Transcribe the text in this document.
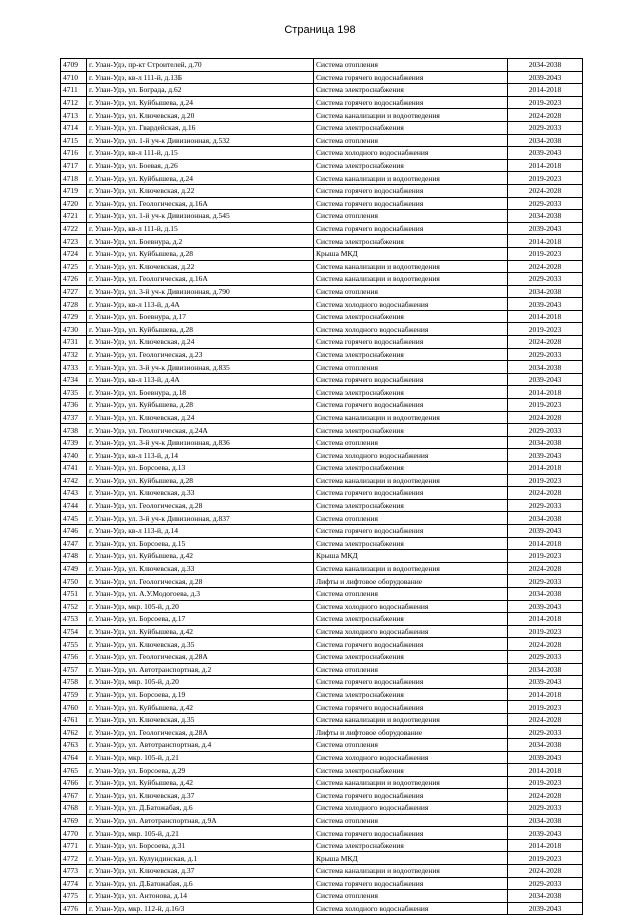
Страница 198
4709	г. Улан-Удэ, пр-кт Строителей, д.70	Система отопления	2034-2038
4710	г. Улан-Удэ, кв-л 111-й, д.13Б	Система горячего водоснабжения	2039-2043
4711	г. Улан-Удэ, ул. Бограда, д.62	Система электроснабжения	2014-2018
4712	г. Улан-Удэ, ул. Куйбышева, д.24	Система горячего водоснабжения	2019-2023
4713	г. Улан-Удэ, ул. Ключевская, д.20	Система канализации и водоотведения	2024-2028
4714	г. Улан-Удэ, ул. Гвардейская, д.16	Система электроснабжения	2029-2033
4715	г. Улан-Удэ, ул. 1-й уч-к Дивизионная, д.532	Система отопления	2034-2038
4716	г. Улан-Удэ, кв-л 111-й, д.15	Система холодного водоснабжения	2039-2043
4717	г. Улан-Удэ, ул. Боевая, д.26	Система электроснабжения	2014-2018
4718	г. Улан-Удэ, ул. Куйбышева, д.24	Система канализации и водоотведения	2019-2023
4719	г. Улан-Удэ, ул. Ключевская, д.22	Система горячего водоснабжения	2024-2028
4720	г. Улан-Удэ, ул. Геологическая, д.16А	Система горячего водоснабжения	2029-2033
4721	г. Улан-Удэ, ул. 1-й уч-к Дивизионная, д.545	Система отопления	2034-2038
4722	г. Улан-Удэ, кв-л 111-й, д.15	Система горячего водоснабжения	2039-2043
4723	г. Улан-Удэ, ул. Боевнура, д.2	Система электроснабжения	2014-2018
4724	г. Улан-Удэ, ул. Куйбышева, д.28	Крыша МКД	2019-2023
4725	г. Улан-Удэ, ул. Ключевская, д.22	Система канализации и водоотведения	2024-2028
4726	г. Улан-Удэ, ул. Геологическая, д.16А	Система канализации и водоотведения	2029-2033
4727	г. Улан-Удэ, ул. 3-й уч-к Дивизионная, д.790	Система отопления	2034-2038
4728	г. Улан-Удэ, кв-л 113-й, д.4А	Система холодного водоснабжения	2039-2043
4729	г. Улан-Удэ, ул. Боевнура, д.17	Система электроснабжения	2014-2018
4730	г. Улан-Удэ, ул. Куйбышева, д.28	Система холодного водоснабжения	2019-2023
4731	г. Улан-Удэ, ул. Ключевская, д.24	Система горячего водоснабжения	2024-2028
4732	г. Улан-Удэ, ул. Геологическая, д.23	Система электроснабжения	2029-2033
4733	г. Улан-Удэ, ул. 3-й уч-к Дивизионная, д.835	Система отопления	2034-2038
4734	г. Улан-Удэ, кв-л 113-й, д.4А	Система горячего водоснабжения	2039-2043
4735	г. Улан-Удэ, ул. Боевнура, д.18	Система электроснабжения	2014-2018
4736	г. Улан-Удэ, ул. Куйбышева, д.28	Система горячего водоснабжения	2019-2023
4737	г. Улан-Удэ, ул. Ключевская, д.24	Система канализации и водоотведения	2024-2028
4738	г. Улан-Удэ, ул. Геологическая, д.24А	Система электроснабжения	2029-2033
4739	г. Улан-Удэ, ул. 3-й уч-к Дивизионная, д.836	Система отопления	2034-2038
4740	г. Улан-Удэ, кв-л 113-й, д.14	Система холодного водоснабжения	2039-2043
4741	г. Улан-Удэ, ул. Борсоева, д.13	Система электроснабжения	2014-2018
4742	г. Улан-Удэ, ул. Куйбышева, д.28	Система канализации и водоотведения	2019-2023
4743	г. Улан-Удэ, ул. Ключевская, д.33	Система горячего водоснабжения	2024-2028
4744	г. Улан-Удэ, ул. Геологическая, д.28	Система электроснабжения	2029-2033
4745	г. Улан-Удэ, ул. 3-й уч-к Дивизионная, д.837	Система отопления	2034-2038
4746	г. Улан-Удэ, кв-л 113-й, д.14	Система горячего водоснабжения	2039-2043
4747	г. Улан-Удэ, ул. Борсоева, д.15	Система электроснабжения	2014-2018
4748	г. Улан-Удэ, ул. Куйбышева, д.42	Крыша МКД	2019-2023
4749	г. Улан-Удэ, ул. Ключевская, д.33	Система канализации и водоотведения	2024-2028
4750	г. Улан-Удэ, ул. Геологическая, д.28	Лифты и лифтовое оборудование	2029-2033
4751	г. Улан-Удэ, ул. А.У.Модогоева, д.3	Система отопления	2034-2038
4752	г. Улан-Удэ, мкр. 105-й, д.20	Система холодного водоснабжения	2039-2043
4753	г. Улан-Удэ, ул. Борсоева, д.17	Система электроснабжения	2014-2018
4754	г. Улан-Удэ, ул. Куйбышева, д.42	Система холодного водоснабжения	2019-2023
4755	г. Улан-Удэ, ул. Ключевская, д.35	Система горячего водоснабжения	2024-2028
4756	г. Улан-Удэ, ул. Геологическая, д.28А	Система электроснабжения	2029-2033
4757	г. Улан-Удэ, ул. Автотранспортная, д.2	Система отопления	2034-2038
4758	г. Улан-Удэ, мкр. 105-й, д.20	Система горячего водоснабжения	2039-2043
4759	г. Улан-Удэ, ул. Борсоева, д.19	Система электроснабжения	2014-2018
4760	г. Улан-Удэ, ул. Куйбышева, д.42	Система горячего водоснабжения	2019-2023
4761	г. Улан-Удэ, ул. Ключевская, д.35	Система канализации и водоотведения	2024-2028
4762	г. Улан-Удэ, ул. Геологическая, д.28А	Лифты и лифтовое оборудование	2029-2033
4763	г. Улан-Удэ, ул. Автотранспортная, д.4	Система отопления	2034-2038
4764	г. Улан-Удэ, мкр. 105-й, д.21	Система холодного водоснабжения	2039-2043
4765	г. Улан-Удэ, ул. Борсоева, д.29	Система электроснабжения	2014-2018
4766	г. Улан-Удэ, ул. Куйбышева, д.42	Система канализации и водоотведения	2019-2023
4767	г. Улан-Удэ, ул. Ключевская, д.37	Система горячего водоснабжения	2024-2028
4768	г. Улан-Удэ, ул. Д.Батожабая, д.6	Система холодного водоснабжения	2029-2033
4769	г. Улан-Удэ, ул. Автотранспортная, д.9А	Система отопления	2034-2038
4770	г. Улан-Удэ, мкр. 105-й, д.21	Система горячего водоснабжения	2039-2043
4771	г. Улан-Удэ, ул. Борсоева, д.31	Система электроснабжения	2014-2018
4772	г. Улан-Удэ, ул. Кулундинская, д.1	Крыша МКД	2019-2023
4773	г. Улан-Удэ, ул. Ключевская, д.37	Система канализации и водоотведения	2024-2028
4774	г. Улан-Удэ, ул. Д.Батожабая, д.6	Система горячего водоснабжения	2029-2033
4775	г. Улан-Удэ, ул. Антонова, д.14	Система отопления	2034-2038
4776	г. Улан-Удэ, мкр. 112-й, д.16/3	Система холодного водоснабжения	2039-2043
